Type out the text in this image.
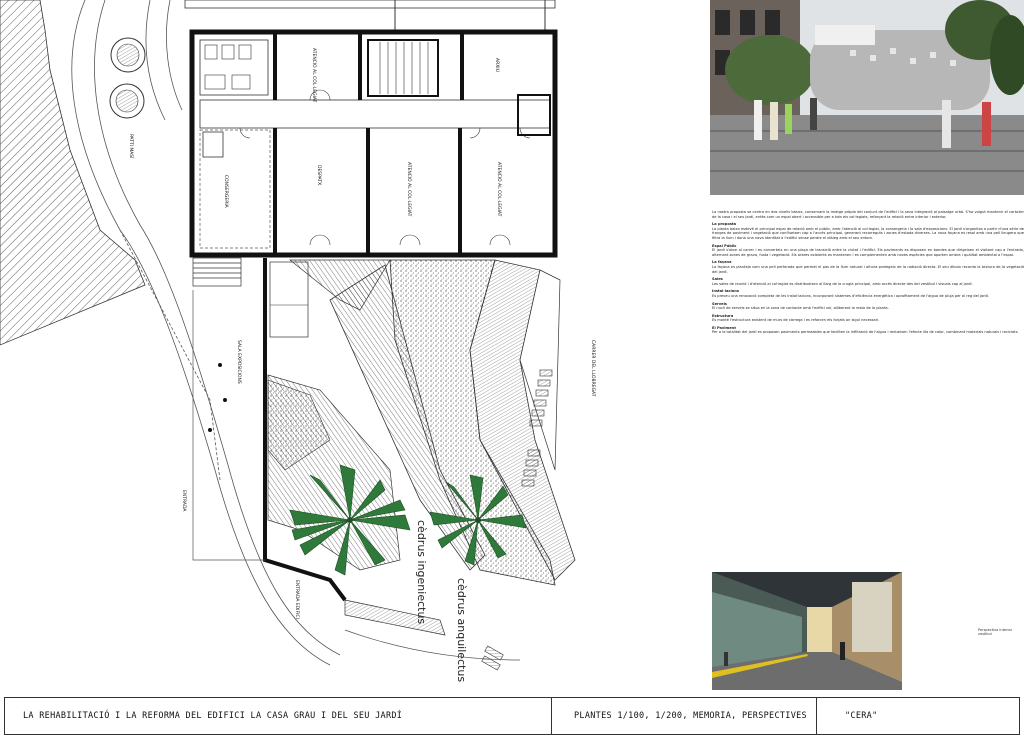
PATTI MASÍ
ATENCIÓ AL COL·LEGIAT	ARXIU
CONSERGERIA	DESPATX	ATENCIÓ AL COL·LEGIAT	ATENCIÓ AL COL·LEGIAT
SALA EXPOSICIONS
ENTRADA
CARRER DEL LLOBREGAT
ENTRADA EDIFICI	cèdrus ingeniectus
cèdrus anquilectus

La nostra proposta se centra en dos nivells bàsics, conservant la imatge pròpia del conjunt de l'edifici i la seva integració al paisatge urbà. S'ha volgut mantenir el caràcter de la casa i el seu jardí, entès com un espai obert i accessible per a tots els col·legiats, reforçant la relació entre interior i exterior.

La proposta

La planta baixa esdevé el principal espai de relació amb el públic, amb l'atenció al col·legiat, la consergeria i la sala d'exposicions. El jardí s'organitza a partir d'una sèrie de franges de paviment i vegetació que conflueixen cap a l'accés principal, generant recorreguts i zones d'estada diverses. La nova façana es resol amb una pell lleugera que filtra la llum i dona una nova identitat a l'edifici sense perdre el diàleg amb el seu entorn.

Espai Públic

El jardí s'obre al carrer i es converteix en una plaça de transició entre la ciutat i l'edifici. Els paviments es disposen en bandes que dirigeixen el visitant cap a l'entrada, alternant zones de grava, fusta i vegetació. Els arbres existents es mantenen i es complementen amb noves espècies que aporten ombra i qualitat ambiental a l'espai.

La façana

La façana es planteja com una pell perforada que permet el pas de la llum natural i alhora protegeix de la radiació directa. El seu dibuix recorda la textura de la vegetació del jardí.

Sales

Les sales de reunió i d'atenció al col·legiat es distribueixen al llarg de la crugia principal, amb accés directe des del vestíbul i visuals cap al jardí.

Instal·lacions

Es preveu una renovació completa de les instal·lacions, incorporant sistemes d'eficiència energètica i aprofitament de l'aigua de pluja per al reg del jardí.

Serveis

El nucli de serveis se situa en la zona de contacte amb l'edifici veí, alliberant la resta de la planta.

Estructura

Es manté l'estructura existent de murs de càrrega i es reforcen els forjats on sigui necessari.

El Paviment

Per a la totalitat del jardí es proposen paviments permeables que faciliten la infiltració de l'aigua i redueixen l'efecte illa de calor, combinant materials naturals i reciclats.

Perspectiva interior vestíbul
LA REHABILITACIÓ I LA REFORMA DEL EDIFICI LA CASA GRAU I DEL SEU JARDÍ	PLANTES 1/100, 1/200, MEMORIA, PERSPECTIVES	"CERA"
